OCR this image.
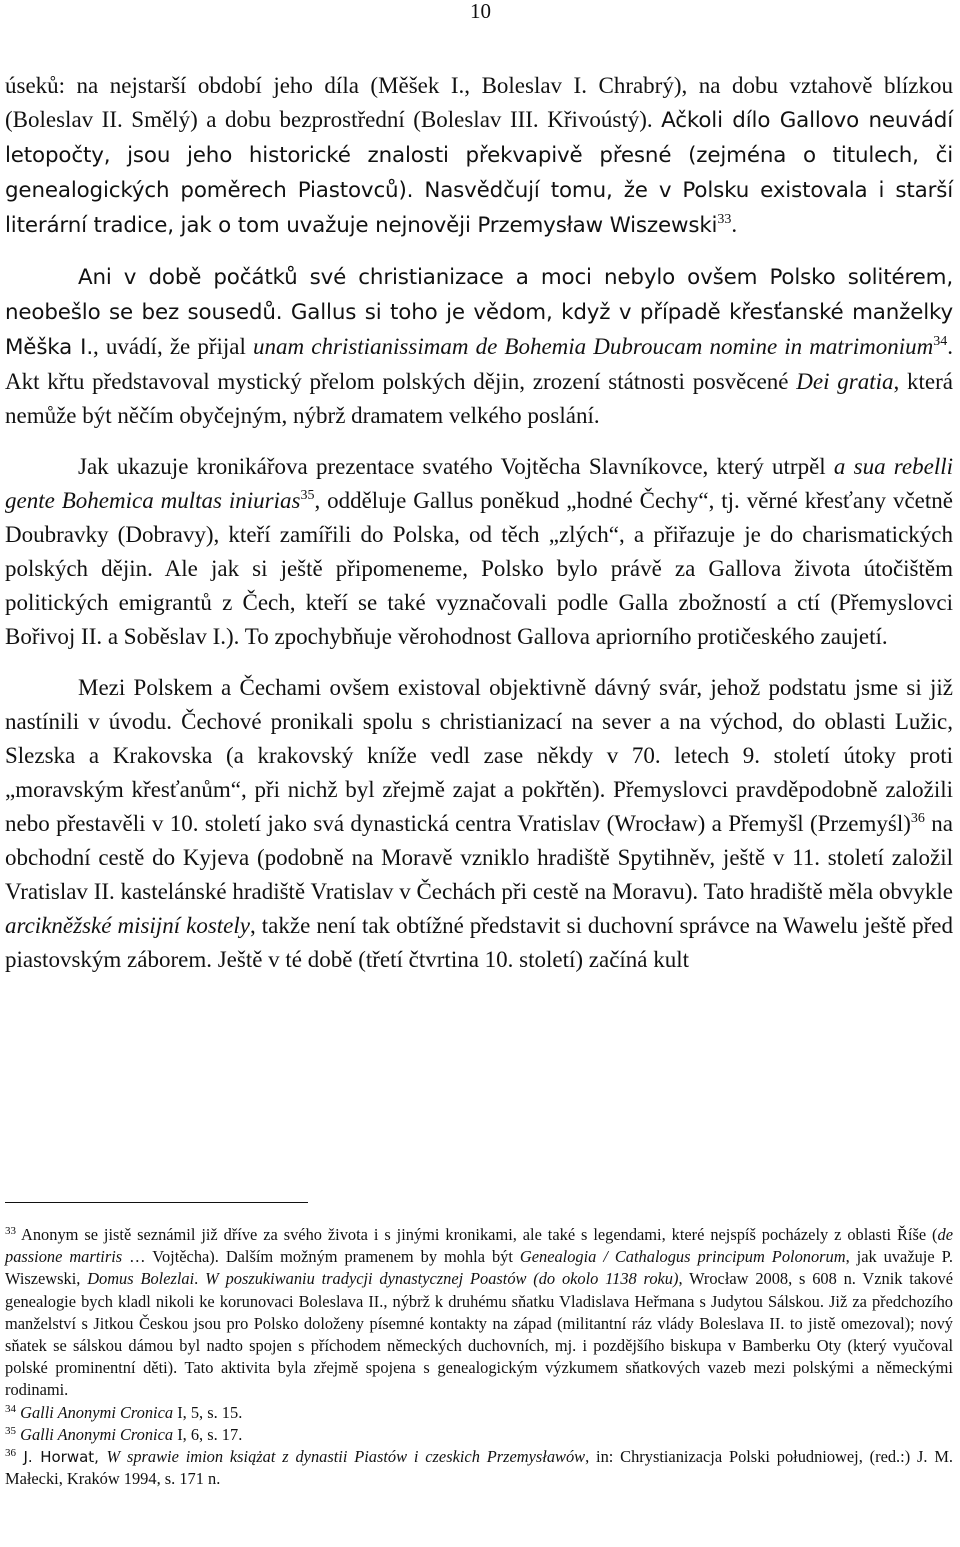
10

úseků: na nejstarší období jeho díla (Měšek I., Boleslav I. Chrabrý), na dobu vztahově blízkou (Boleslav II. Smělý) a dobu bezprostřední (Boleslav III. Křivoústý). Ačkoli dílo Gallovo neuvádí letopočty, jsou jeho historické znalosti překvapivě přesné (zejména o titulech, či genealogických poměrech Piastovců). Nasvědčují tomu, že v Polsku existovala i starší literární tradice, jak o tom uvažuje nejnověji Przemysław Wiszewski$^{33}$.

Ani v době počátků své christianizace a moci nebylo ovšem Polsko solitérem, neobešlo se bez sousedů. Gallus si toho je vědom, když v případě křesťanské manželky Měška I., uvádí, že přijal unam christianissimam de Bohemia Dubroucam nomine in matrimonium$^{34}$. Akt křtu představoval mystický přelom polských dějin, zrození státnosti posvěcené Dei gratia, která nemůže být něčím obyčejným, nýbrž dramatem velkého poslání.

Jak ukazuje kronikářova prezentace svatého Vojtěcha Slavníkovce, který utrpěl a sua rebelli gente Bohemica multas iniurias$^{35}$, odděluje Gallus poněkud „hodné Čechy“, tj. věrné křesťany včetně Doubravky (Dobravy), kteří zamířili do Polska, od těch „zlých“, a přiřazuje je do charismatických polských dějin. Ale jak si ještě připomeneme, Polsko bylo právě za Gallova života útočištěm politických emigrantů z Čech, kteří se také vyznačovali podle Galla zbožností a ctí (Přemyslovci Bořivoj II. a Soběslav I.). To zpochybňuje věrohodnost Gallova apriorního protičeského zaujetí.

Mezi Polskem a Čechami ovšem existoval objektivně dávný svár, jehož podstatu jsme si již nastínili v úvodu. Čechové pronikali spolu s christianizací na sever a na východ, do oblasti Lužic, Slezska a Krakovska (a krakovský kníže vedl zase někdy v 70. letech 9. století útoky proti „moravským křesťanům“, při nichž byl zřejmě zajat a pokřtěn). Přemyslovci pravděpodobně založili nebo přestavěli v 10. století jako svá dynastická centra Vratislav (Wrocław) a Přemyšl (Przemyśl)$^{36}$ na obchodní cestě do Kyjeva (podobně na Moravě vzniklo hradiště Spytihněv, ještě v 11. století založil Vratislav II. kastelánské hradiště Vratislav v Čechách při cestě na Moravu). Tato hradiště měla obvykle arcikněžské misijní kostely, takže není tak obtížné představit si duchovní správce na Wawelu ještě před piastovským záborem. Ještě v té době (třetí čtvrtina 10. století) začíná kult

$^{33}$ Anonym se jistě seznámil již dříve za svého života i s jinými kronikami, ale také s legendami, které nejspíš pocházely z oblasti Říše (de passione martiris … Vojtěcha). Dalším možným pramenem by mohla být Genealogia / Cathalogus principum Polonorum, jak uvažuje P. Wiszewski, Domus Bolezlai. W poszukiwaniu tradycji dynastycznej Poastów (do okolo 1138 roku), Wrocław 2008, s 608 n. Vznik takové genealogie bych kladl nikoli ke korunovaci Boleslava II., nýbrž k druhému sňatku Vladislava Heřmana s Judytou Sálskou. Již za předchozího manželství s Jitkou Českou jsou pro Polsko doloženy písemné kontakty na západ (militantní ráz vlády Boleslava II. to jistě omezoval); nový sňatek se sálskou dámou byl nadto spojen s příchodem německých duchovních, mj. i pozdějšího biskupa v Bamberku Oty (který vyučoval polské prominentní děti). Tato aktivita byla zřejmě spojena s genealogickým výzkumem sňatkových vazeb mezi polskými a německými rodinami.

$^{34}$ Galli Anonymi Cronica I, 5, s. 15.

$^{35}$ Galli Anonymi Cronica I, 6, s. 17.

$^{36}$ J. Horwat, W sprawie imion książat z dynastii Piastów i czeskich Przemysławów, in: Chrystianizacja Polski południowej, (red.:) J. M. Małecki, Kraków 1994, s. 171 n.
